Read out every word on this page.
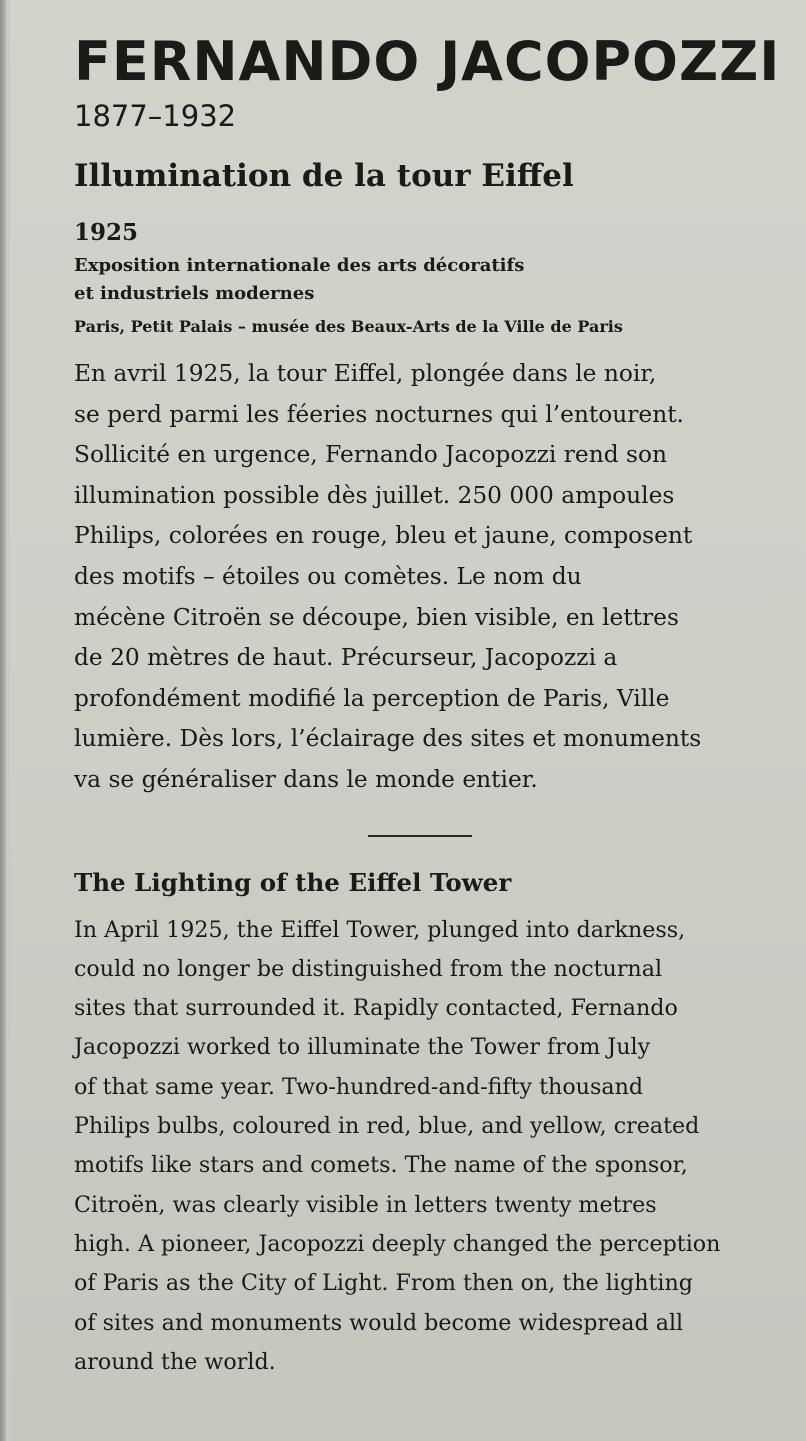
FERNANDO JACOPOZZI
1877–1932
Illumination de la tour Eiffel
1925
Exposition internationale des arts décoratifs
et industriels modernes
Paris, Petit Palais – musée des Beaux-Arts de la Ville de Paris

En avril 1925, la tour Eiffel, plongée dans le noir,
se perd parmi les féeries nocturnes qui l’entourent.
Sollicité en urgence, Fernando Jacopozzi rend son
illumination possible dès juillet. 250 000 ampoules
Philips, colorées en rouge, bleu et jaune, composent
des motifs – étoiles ou comètes. Le nom du
mécène Citroën se découpe, bien visible, en lettres
de 20 mètres de haut. Précurseur, Jacopozzi a
profondément modifié la perception de Paris, Ville
lumière. Dès lors, l’éclairage des sites et monuments
va se généraliser dans le monde entier.

The Lighting of the Eiffel Tower

In April 1925, the Eiffel Tower, plunged into darkness,
could no longer be distinguished from the nocturnal
sites that surrounded it. Rapidly contacted, Fernando
Jacopozzi worked to illuminate the Tower from July
of that same year. Two-hundred-and-fifty thousand
Philips bulbs, coloured in red, blue, and yellow, created
motifs like stars and comets. The name of the sponsor,
Citroën, was clearly visible in letters twenty metres
high. A pioneer, Jacopozzi deeply changed the perception
of Paris as the City of Light. From then on, the lighting
of sites and monuments would become widespread all
around the world.
